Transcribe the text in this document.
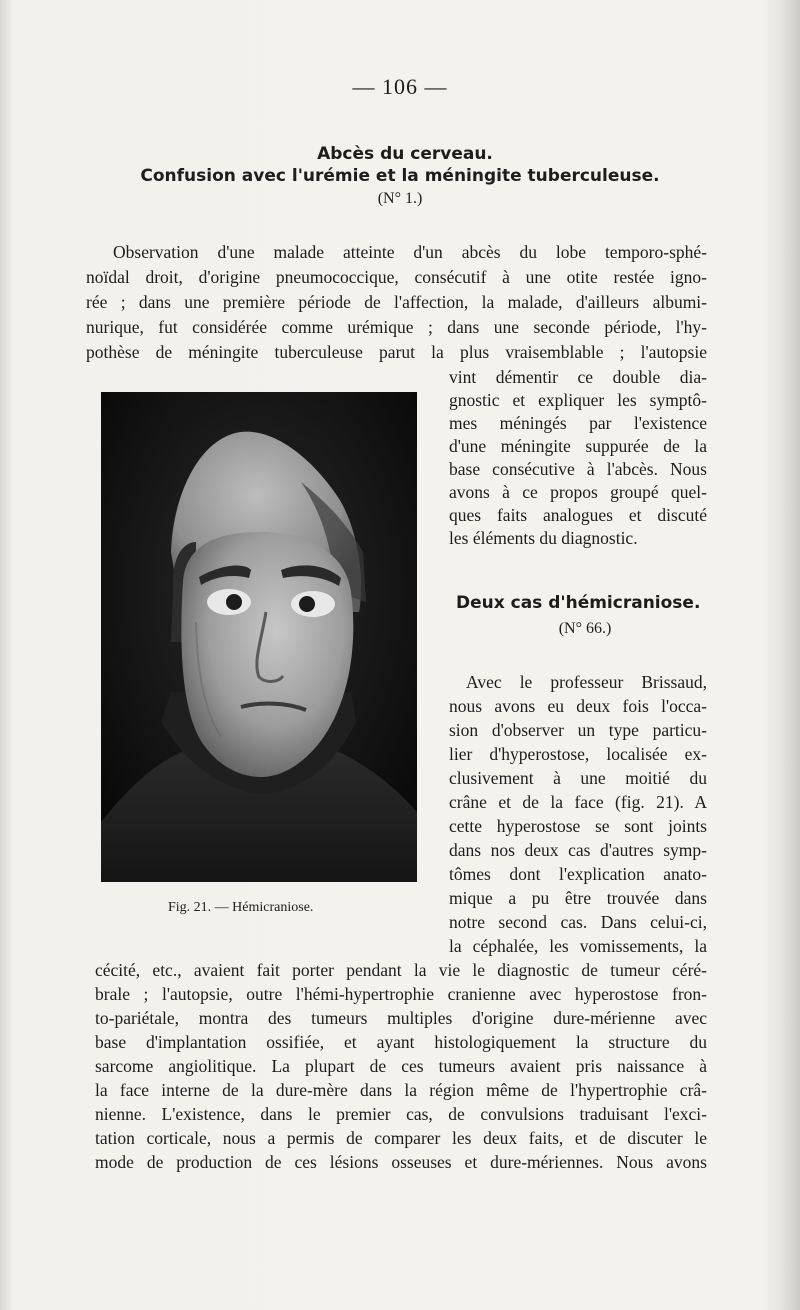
— 106 —
Abcès du cerveau.
Confusion avec l'urémie et la méningite tuberculeuse.
(N° 1.)
Observation d'une malade atteinte d'un abcès du lobe temporo-sphé-
noïdal droit, d'origine pneumococcique, consécutif à une otite restée igno-
rée ; dans une première période de l'affection, la malade, d'ailleurs albumi-
nurique, fut considérée comme urémique ; dans une seconde période, l'hy-
pothèse de méningite tuberculeuse parut la plus vraisemblable ; l'autopsie
vint démentir ce double dia-
gnostic et expliquer les symptô-
mes méningés par l'existence
d'une méningite suppurée de la
base consécutive à l'abcès. Nous
avons à ce propos groupé quel-
ques faits analogues et discuté
les éléments du diagnostic.
Fig. 21. — Hémicraniose.
Deux cas d'hémicraniose.
(N° 66.)
Avec le professeur Brissaud,
nous avons eu deux fois l'occa-
sion d'observer un type particu-
lier d'hyperostose, localisée ex-
clusivement à une moitié du
crâne et de la face (fig. 21). A
cette hyperostose se sont joints
dans nos deux cas d'autres symp-
tômes dont l'explication anato-
mique a pu être trouvée dans
notre second cas. Dans celui-ci,
la céphalée, les vomissements, la
cécité, etc., avaient fait porter pendant la vie le diagnostic de tumeur céré-
brale ; l'autopsie, outre l'hémi-hypertrophie cranienne avec hyperostose fron-
to-pariétale, montra des tumeurs multiples d'origine dure-mérienne avec
base d'implantation ossifiée, et ayant histologiquement la structure du
sarcome angiolitique. La plupart de ces tumeurs avaient pris naissance à
la face interne de la dure-mère dans la région même de l'hypertrophie crâ-
nienne. L'existence, dans le premier cas, de convulsions traduisant l'exci-
tation corticale, nous a permis de comparer les deux faits, et de discuter le
mode de production de ces lésions osseuses et dure-mériennes. Nous avons
